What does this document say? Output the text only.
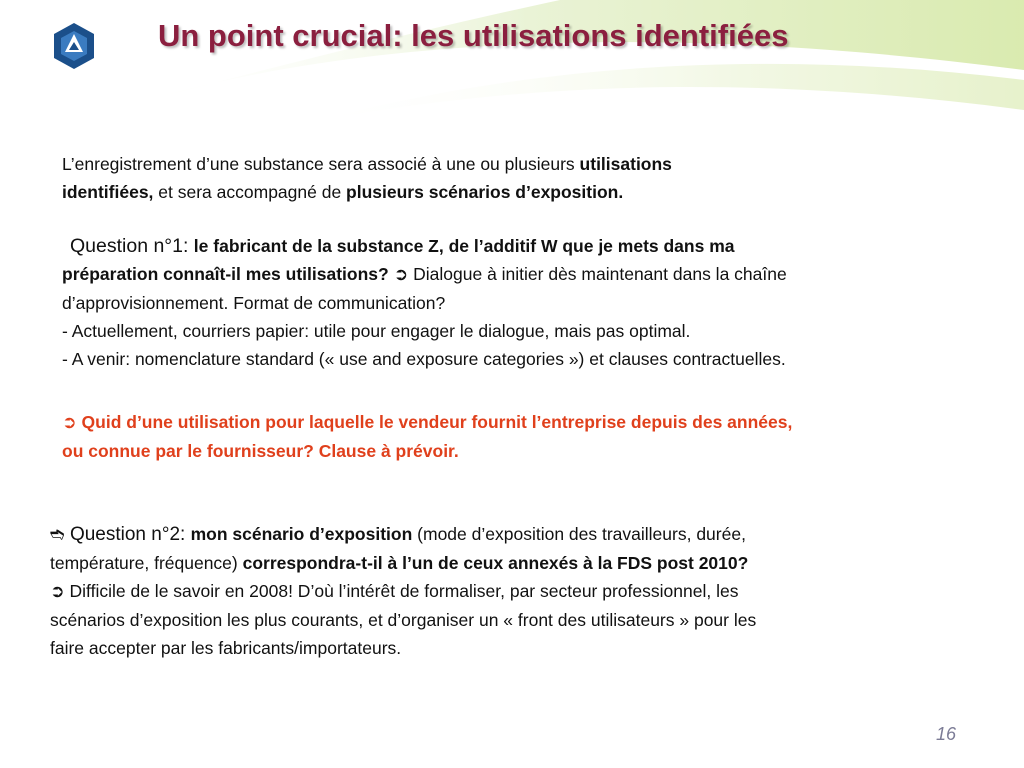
Un point crucial: les utilisations identifiées
L’enregistrement d’une substance sera associé à une ou plusieurs utilisations
identifiées, et sera accompagné de plusieurs scénarios d’exposition.
Question n°1: le fabricant de la substance Z, de l’additif W que je mets dans ma
préparation connaît-il mes utilisations? ➲ Dialogue à initier dès maintenant dans la chaîne
d’approvisionnement. Format de communication?
- Actuellement, courriers papier: utile pour engager le dialogue, mais pas optimal.
- A venir: nomenclature standard (« use and exposure categories ») et clauses contractuelles.
➲ Quid d’une utilisation pour laquelle le vendeur fournit l’entreprise depuis des années,
ou connue par le fournisseur? Clause à prévoir.
➬ Question n°2: mon scénario d’exposition (mode d’exposition des travailleurs, durée,
température, fréquence) correspondra-t-il à l’un de ceux annexés à la FDS post 2010?
➲ Difficile de le savoir en 2008! D’où l’intérêt de formaliser, par secteur professionnel, les
scénarios d’exposition les plus courants, et d’organiser un « front des utilisateurs » pour les
faire accepter par les fabricants/importateurs.
16
